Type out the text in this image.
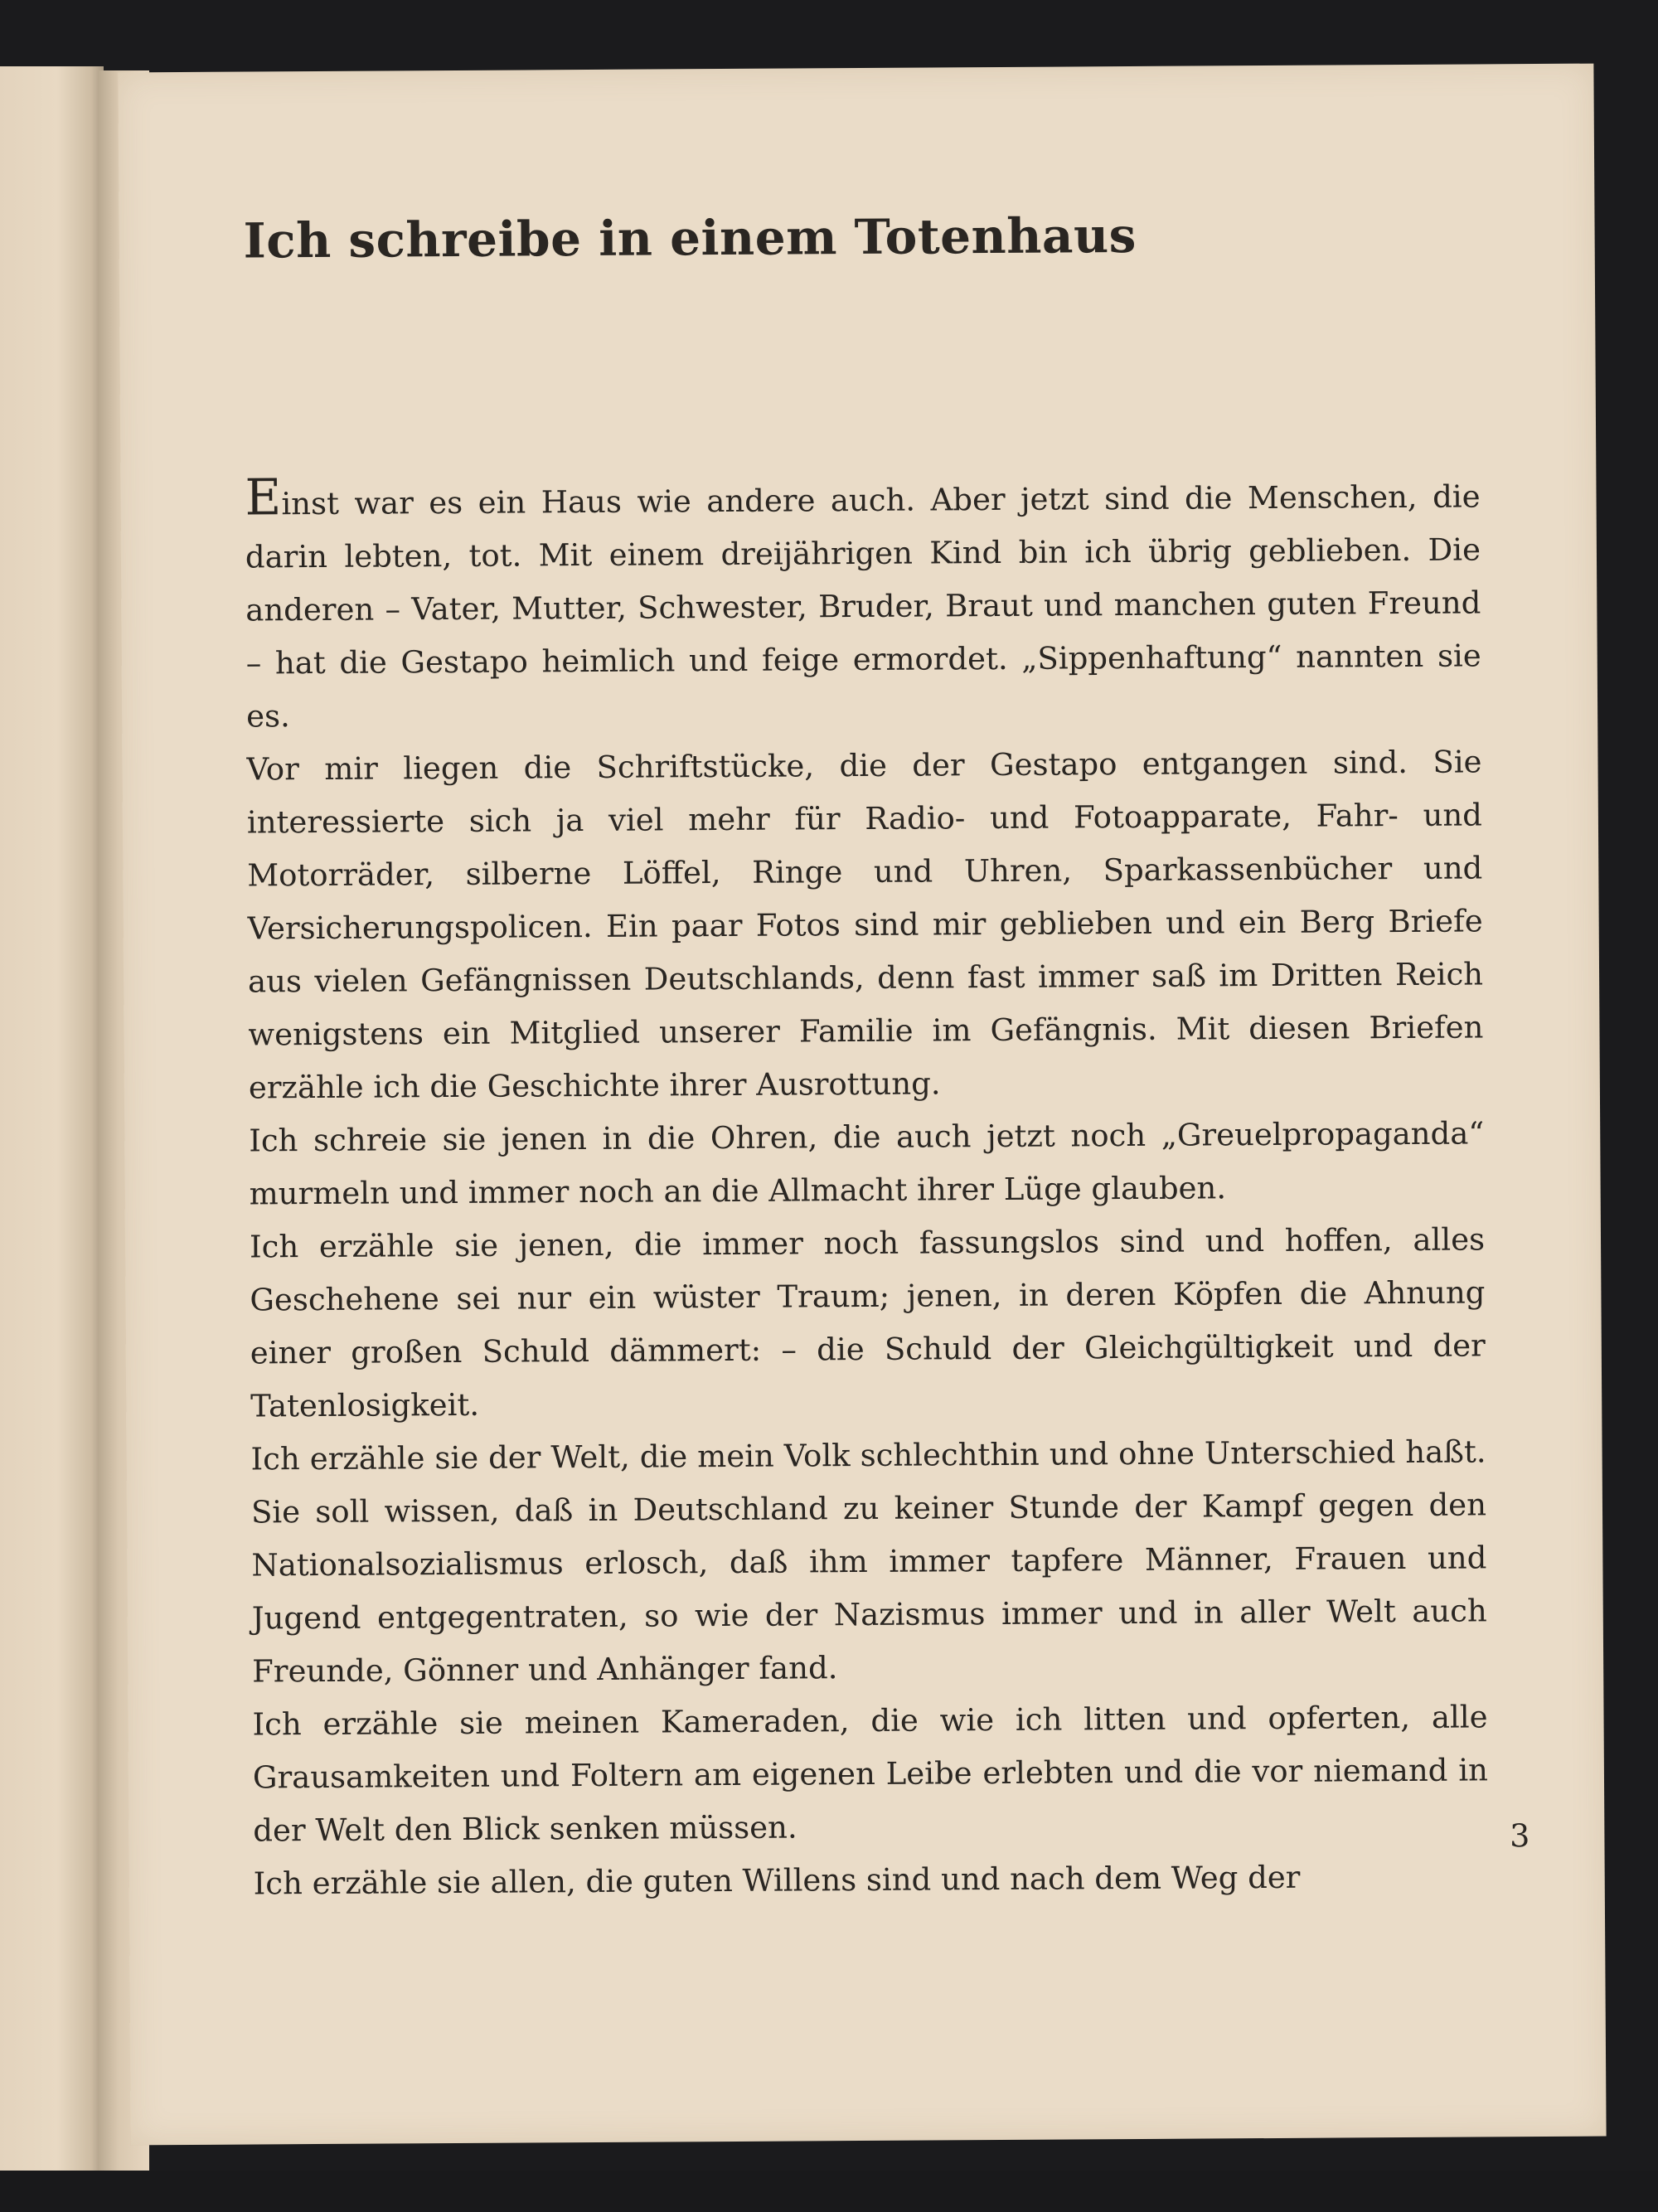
Ich schreibe in einem Totenhaus

Einst war es ein Haus wie andere auch. Aber jetzt sind die Menschen, die darin lebten, tot. Mit einem dreijährigen Kind bin ich übrig geblieben. Die anderen – Vater, Mutter, Schwester, Bruder, Braut und manchen guten Freund – hat die Gestapo heimlich und feige ermordet. „Sippenhaftung“ nannten sie es.

Vor mir liegen die Schriftstücke, die der Gestapo entgangen sind. Sie interessierte sich ja viel mehr für Radio- und Fotoapparate, Fahr- und Motorräder, silberne Löffel, Ringe und Uhren, Sparkassenbücher und Versicherungspolicen. Ein paar Fotos sind mir geblieben und ein Berg Briefe aus vielen Gefängnissen Deutschlands, denn fast immer saß im Dritten Reich wenigstens ein Mitglied unserer Familie im Gefängnis. Mit diesen Briefen erzähle ich die Geschichte ihrer Ausrottung.

Ich schreie sie jenen in die Ohren, die auch jetzt noch „Greuelpropaganda“ murmeln und immer noch an die Allmacht ihrer Lüge glauben.

Ich erzähle sie jenen, die immer noch fassungslos sind und hoffen, alles Geschehene sei nur ein wüster Traum; jenen, in deren Köpfen die Ahnung einer großen Schuld dämmert: – die Schuld der Gleichgültigkeit und der Tatenlosigkeit.

Ich erzähle sie der Welt, die mein Volk schlechthin und ohne Unterschied haßt. Sie soll wissen, daß in Deutschland zu keiner Stunde der Kampf gegen den Nationalsozialismus erlosch, daß ihm immer tapfere Männer, Frauen und Jugend entgegentraten, so wie der Nazismus immer und in aller Welt auch Freunde, Gönner und Anhänger fand.

Ich erzähle sie meinen Kameraden, die wie ich litten und opferten, alle Grausamkeiten und Foltern am eigenen Leibe erlebten und die vor niemand in der Welt den Blick senken müssen.

Ich erzähle sie allen, die guten Willens sind und nach dem Weg der

3
